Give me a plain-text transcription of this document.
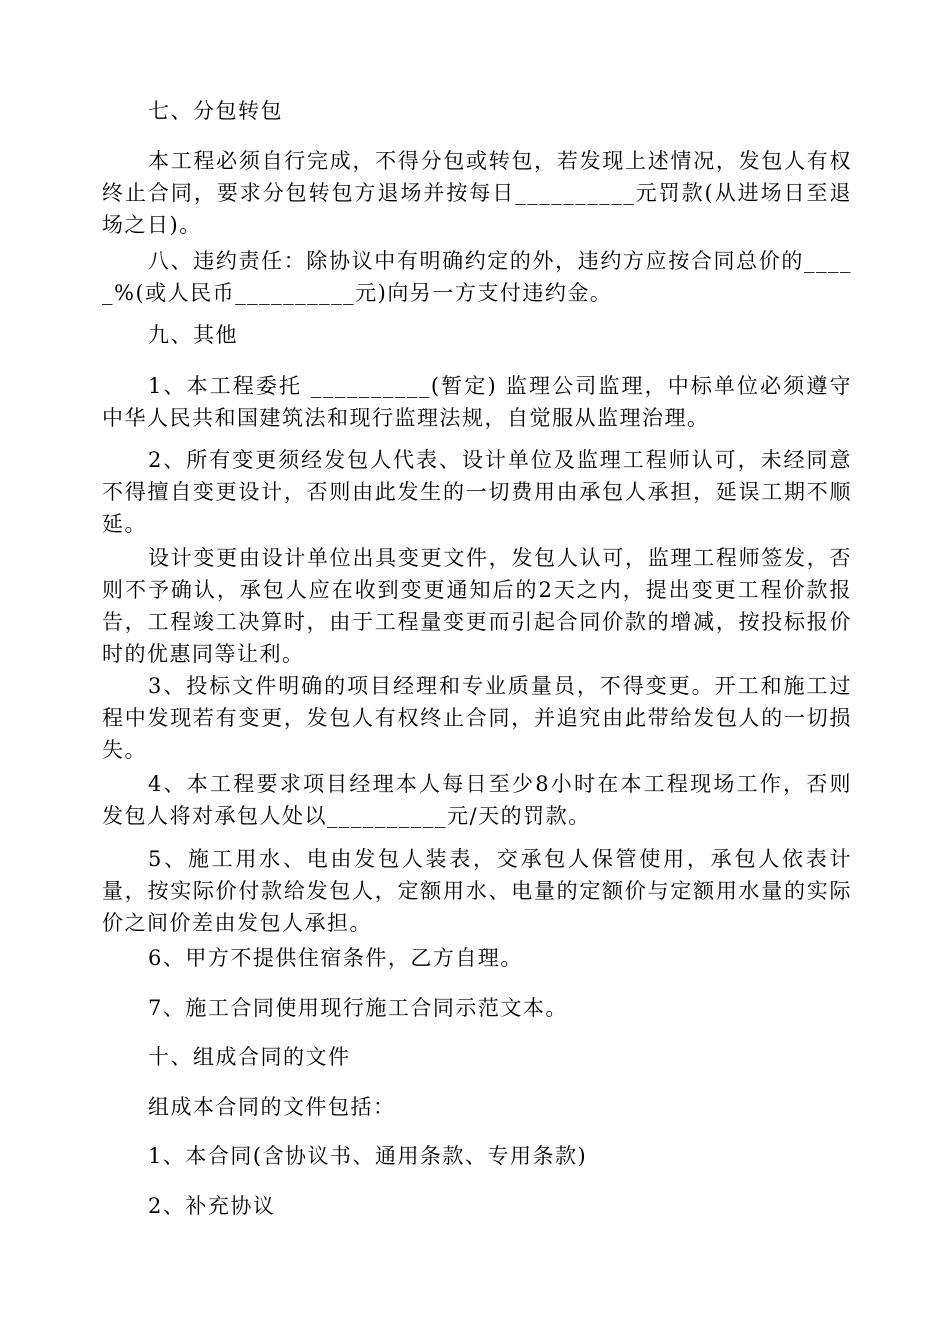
七、分包转包

本工程必须自行完成，不得分包或转包，若发现上述情况，发包人有权终止合同，要求分包转包方退场并按每日__________元罚款(从进场日至退场之日)。

八、违约责任：除协议中有明确约定的外，违约方应按合同总价的_____%(或人民币__________元)向另一方支付违约金。

九、其他

1、本工程委托 __________(暂定) 监理公司监理，中标单位必须遵守中华人民共和国建筑法和现行监理法规，自觉服从监理治理。

2、所有变更须经发包人代表、设计单位及监理工程师认可，未经同意不得擅自变更设计，否则由此发生的一切费用由承包人承担，延误工期不顺延。

设计变更由设计单位出具变更文件，发包人认可，监理工程师签发，否则不予确认，承包人应在收到变更通知后的2天之内，提出变更工程价款报告，工程竣工决算时，由于工程量变更而引起合同价款的增减，按投标报价时的优惠同等让利。

3、投标文件明确的项目经理和专业质量员，不得变更。开工和施工过程中发现若有变更，发包人有权终止合同，并追究由此带给发包人的一切损失。

4、本工程要求项目经理本人每日至少8小时在本工程现场工作，否则发包人将对承包人处以__________元/天的罚款。

5、施工用水、电由发包人装表，交承包人保管使用，承包人依表计量，按实际价付款给发包人，定额用水、电量的定额价与定额用水量的实际价之间价差由发包人承担。

6、甲方不提供住宿条件，乙方自理。

7、施工合同使用现行施工合同示范文本。

十、组成合同的文件

组成本合同的文件包括：

1、本合同(含协议书、通用条款、专用条款)

2、补充协议
